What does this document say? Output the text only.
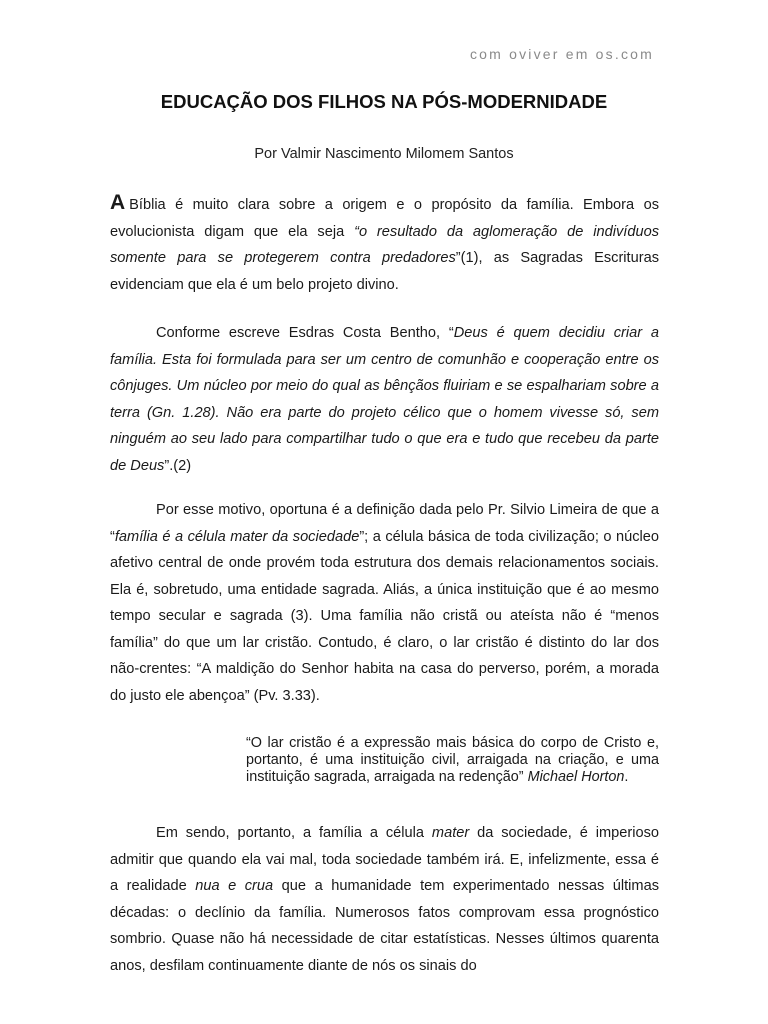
com oviver em os.com
EDUCAÇÃO DOS FILHOS NA PÓS-MODERNIDADE
Por Valmir Nascimento Milomem Santos

A Bíblia é muito clara sobre a origem e o propósito da família. Embora os evolucionista digam que ela seja “o resultado da aglomeração de indivíduos somente para se protegerem contra predadores”(1), as Sagradas Escrituras evidenciam que ela é um belo projeto divino.

Conforme escreve Esdras Costa Bentho, “Deus é quem decidiu criar a família. Esta foi formulada para ser um centro de comunhão e cooperação entre os cônjuges. Um núcleo por meio do qual as bênçãos fluiriam e se espalhariam sobre a terra (Gn. 1.28). Não era parte do projeto célico que o homem vivesse só, sem ninguém ao seu lado para compartilhar tudo o que era e tudo que recebeu da parte de Deus”.(2)

Por esse motivo, oportuna é a definição dada pelo Pr. Silvio Limeira de que a “família é a célula mater da sociedade”; a célula básica de toda civilização; o núcleo afetivo central de onde provém toda estrutura dos demais relacionamentos sociais. Ela é, sobretudo, uma entidade sagrada. Aliás, a única instituição que é ao mesmo tempo secular e sagrada (3). Uma família não cristã ou ateísta não é “menos família” do que um lar cristão. Contudo, é claro, o lar cristão é distinto do lar dos não-crentes: “A maldição do Senhor habita na casa do perverso, porém, a morada do justo ele abençoa” (Pv. 3.33).

“O lar cristão é a expressão mais básica do corpo de Cristo e, portanto, é uma instituição civil, arraigada na criação, e uma instituição sagrada, arraigada na redenção” Michael Horton.

Em sendo, portanto, a família a célula mater da sociedade, é imperioso admitir que quando ela vai mal, toda sociedade também irá. E, infelizmente, essa é a realidade nua e crua que a humanidade tem experimentado nessas últimas décadas: o declínio da família. Numerosos fatos comprovam essa prognóstico sombrio. Quase não há necessidade de citar estatísticas. Nesses últimos quarenta anos, desfilam continuamente diante de nós os sinais do
